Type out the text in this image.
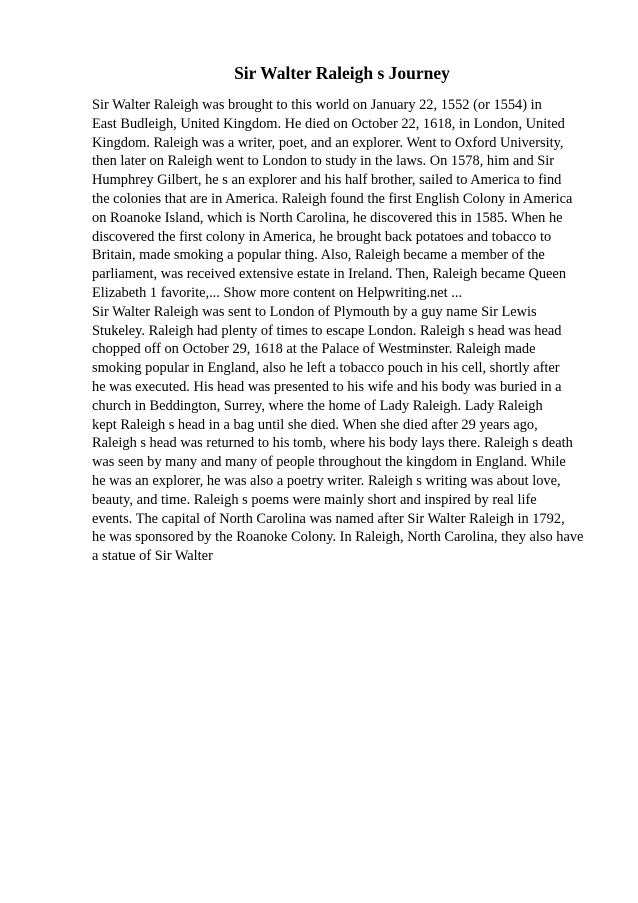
Sir Walter Raleigh s Journey
Sir Walter Raleigh was brought to this world on January 22, 1552 (or 1554) in
East Budleigh, United Kingdom. He died on October 22, 1618, in London, United
Kingdom. Raleigh was a writer, poet, and an explorer. Went to Oxford University,
then later on Raleigh went to London to study in the laws. On 1578, him and Sir
Humphrey Gilbert, he s an explorer and his half brother, sailed to America to find
the colonies that are in America. Raleigh found the first English Colony in America
on Roanoke Island, which is North Carolina, he discovered this in 1585. When he
discovered the first colony in America, he brought back potatoes and tobacco to
Britain, made smoking a popular thing. Also, Raleigh became a member of the
parliament, was received extensive estate in Ireland. Then, Raleigh became Queen
Elizabeth 1 favorite,... Show more content on Helpwriting.net ...
Sir Walter Raleigh was sent to London of Plymouth by a guy name Sir Lewis
Stukeley. Raleigh had plenty of times to escape London. Raleigh s head was head
chopped off on October 29, 1618 at the Palace of Westminster. Raleigh made
smoking popular in England, also he left a tobacco pouch in his cell, shortly after
he was executed. His head was presented to his wife and his body was buried in a
church in Beddington, Surrey, where the home of Lady Raleigh. Lady Raleigh
kept Raleigh s head in a bag until she died. When she died after 29 years ago,
Raleigh s head was returned to his tomb, where his body lays there. Raleigh s death
was seen by many and many of people throughout the kingdom in England. While
he was an explorer, he was also a poetry writer. Raleigh s writing was about love,
beauty, and time. Raleigh s poems were mainly short and inspired by real life
events. The capital of North Carolina was named after Sir Walter Raleigh in 1792,
he was sponsored by the Roanoke Colony. In Raleigh, North Carolina, they also have
a statue of Sir Walter
